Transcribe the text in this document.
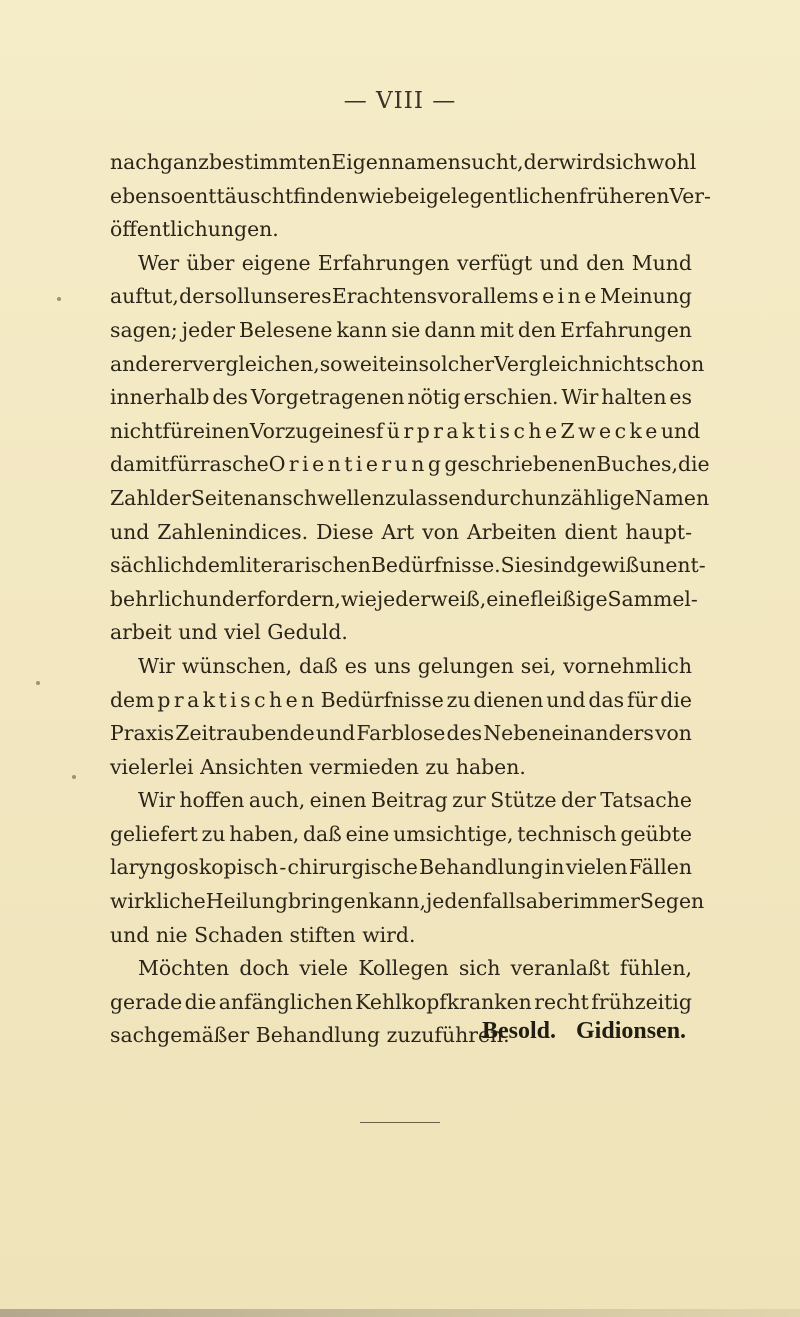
— VIII —
nach ganz bestimmten Eigennamen sucht, der wird sich wohl
ebenso enttäuscht finden wie bei gelegentlichen früheren Ver-
öffentlichungen.
Wer über eigene Erfahrungen verfügt und den Mund
auftut, der soll unseres Erachtens vor allem seine Meinung
sagen; jeder Belesene kann sie dann mit den Erfahrungen
anderer vergleichen, soweit ein solcher Vergleich nicht schon
innerhalb des Vorgetragenen nötig erschien. Wir halten es
nicht für einen Vorzug eines für praktische Zwecke und
damit für rasche Orientierung geschriebenen Buches, die
Zahl der Seiten anschwellen zu lassen durch unzählige Namen
und Zahlenindices. Diese Art von Arbeiten dient haupt-
sächlich dem literarischen Bedürfnisse. Sie sind gewiß unent-
behrlich und erfordern, wie jeder weiß, eine fleißige Sammel-
arbeit und viel Geduld.
Wir wünschen, daß es uns gelungen sei, vornehmlich
dem praktischen Bedürfnisse zu dienen und das für die
Praxis Zeitraubende und Farblose des Nebeneinanders von
vielerlei Ansichten vermieden zu haben.
Wir hoffen auch, einen Beitrag zur Stütze der Tatsache
geliefert zu haben, daß eine umsichtige, technisch geübte
laryngoskopisch - chirurgische Behandlung in vielen Fällen
wirkliche Heilung bringen kann, jedenfalls aber immer Segen
und nie Schaden stiften wird.
Möchten doch viele Kollegen sich veranlaßt fühlen,
gerade die anfänglichen Kehlkopfkranken recht frühzeitig
sachgemäßer Behandlung zuzuführen.
Besold. Gidionsen.
